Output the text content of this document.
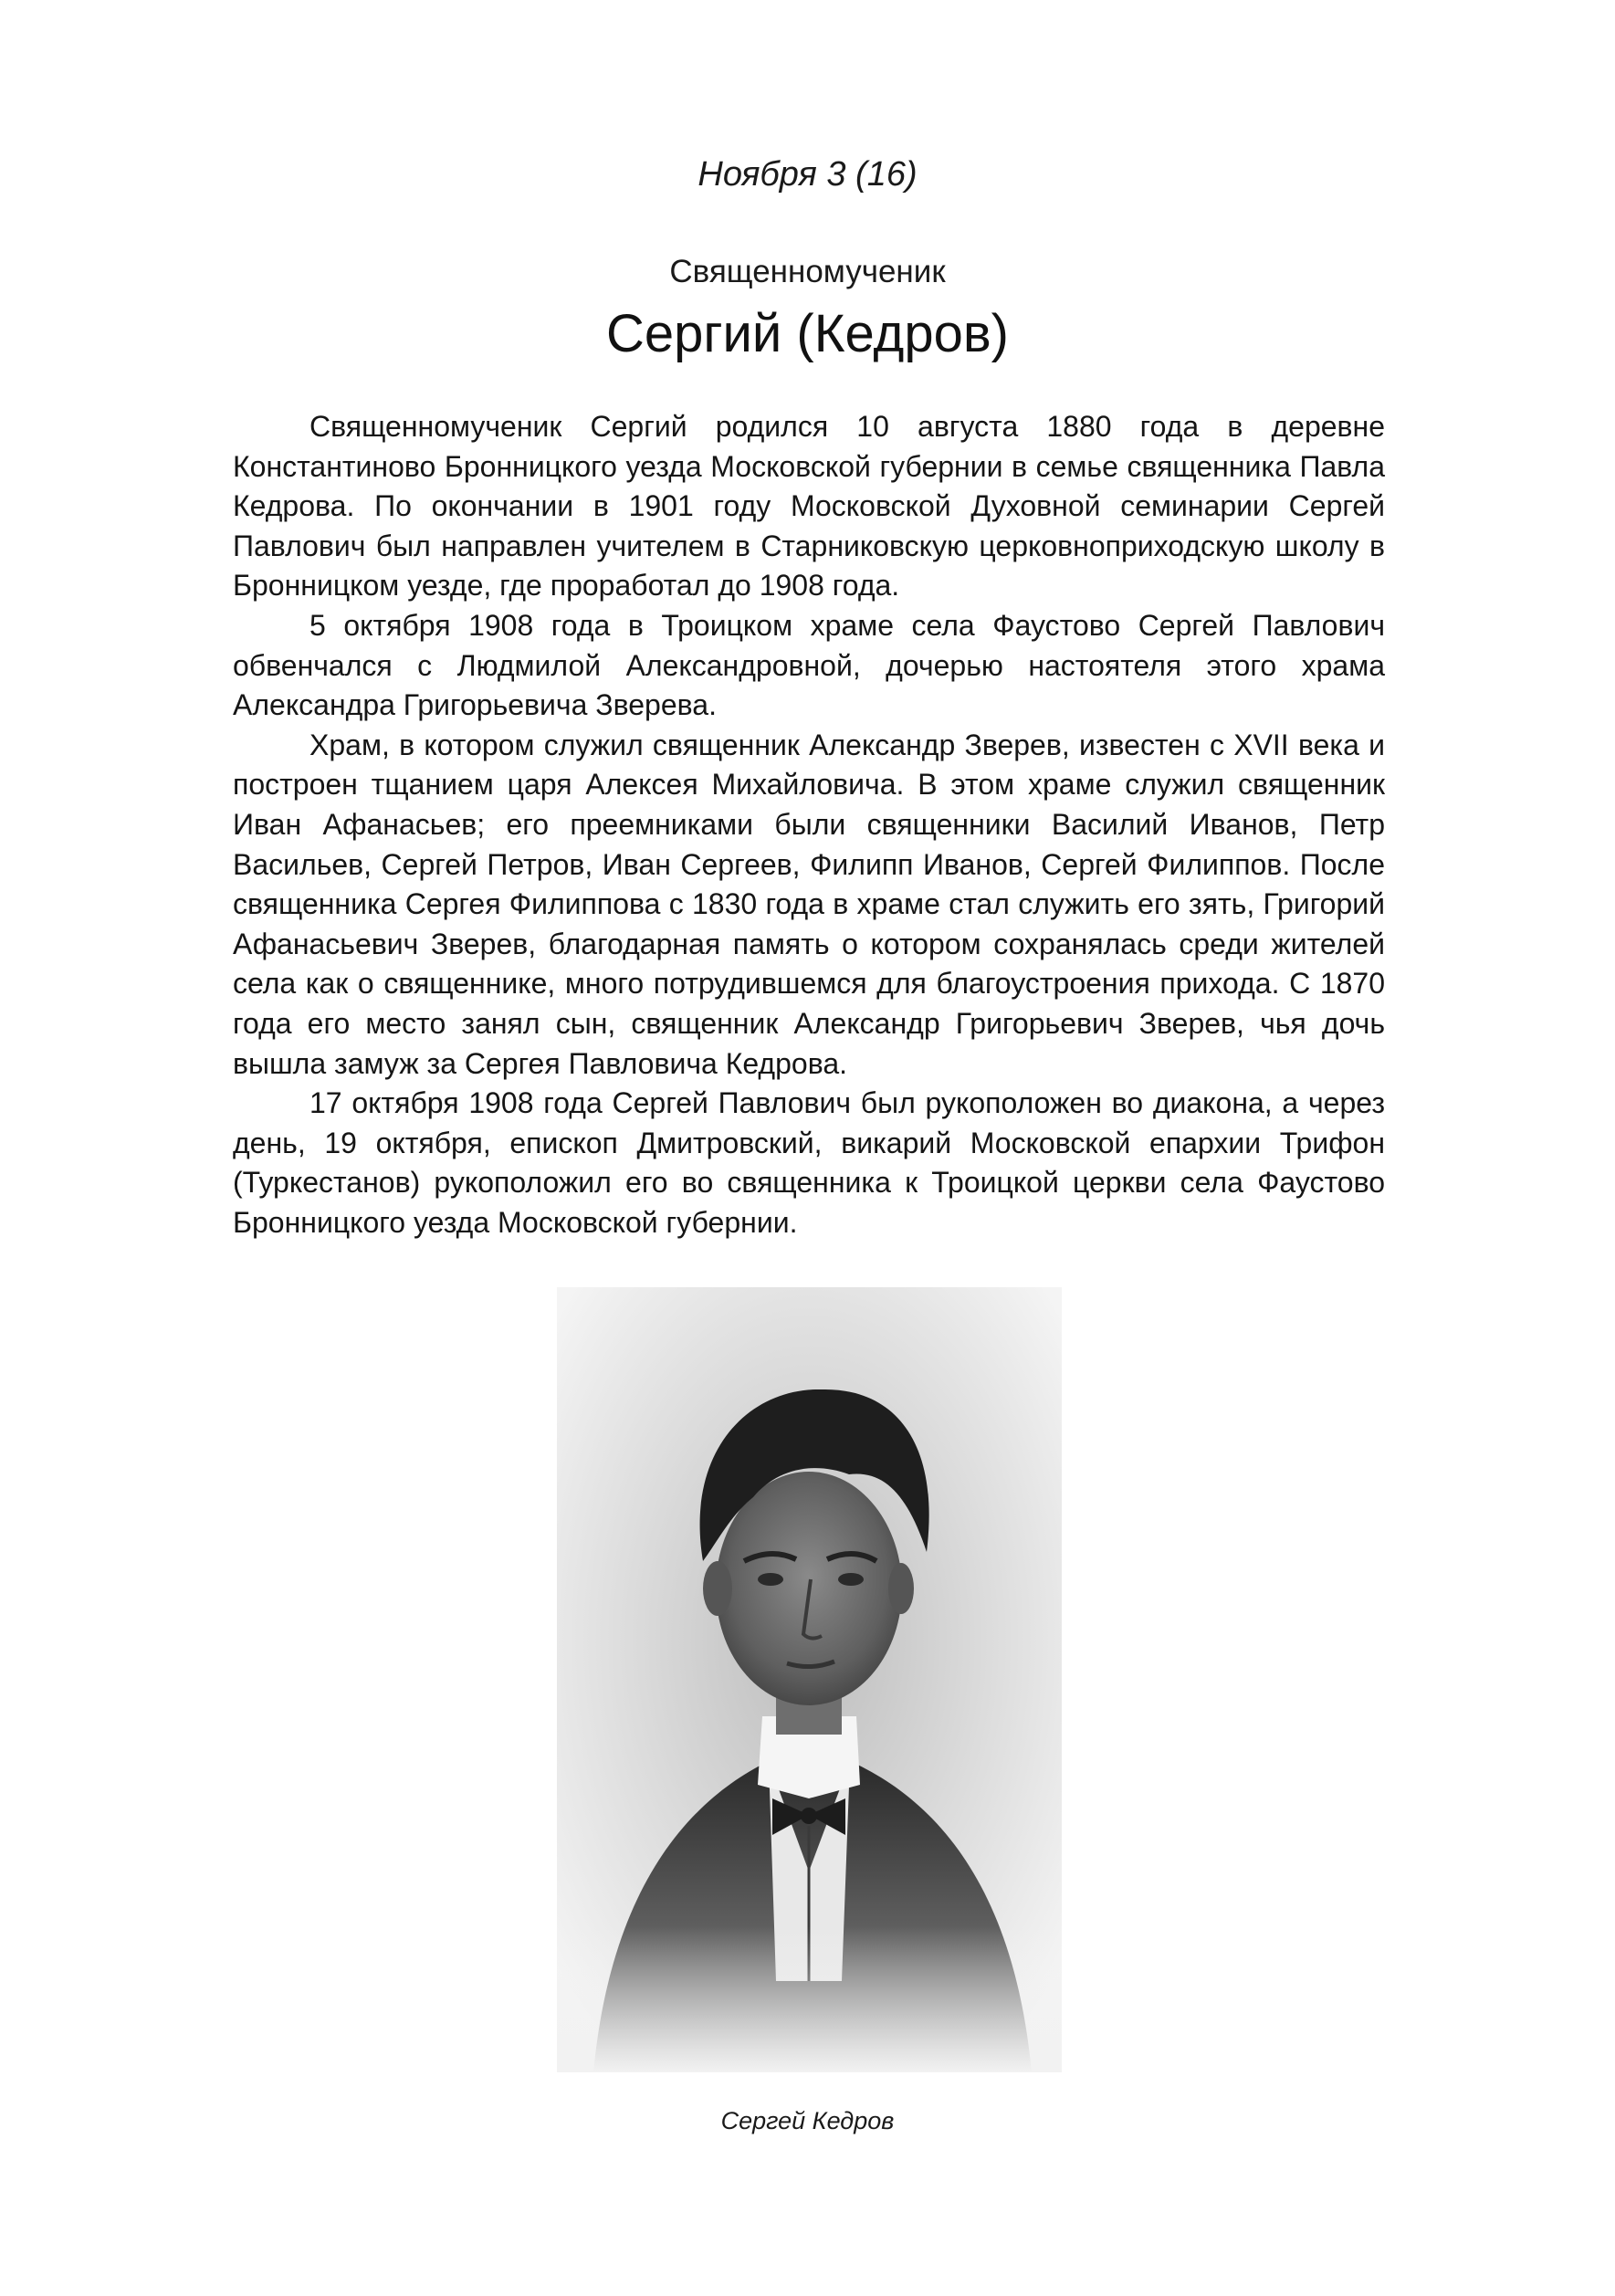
Ноября 3 (16)
Священномученик
Сергий (Кедров)

Священномученик Сергий родился 10 августа 1880 года в деревне Константиново Бронницкого уезда Московской губернии в семье священника Павла Кедрова. По окончании в 1901 году Московской Духовной семинарии Сергей Павлович был направлен учителем в Старниковскую церковноприходскую школу в Бронницком уезде, где проработал до 1908 года.

5 октября 1908 года в Троицком храме села Фаустово Сергей Павлович обвенчался с Людмилой Александровной, дочерью настоятеля этого храма Александра Григорьевича Зверева.

Храм, в котором служил священник Александр Зверев, известен с XVII века и построен тщанием царя Алексея Михайловича. В этом храме служил священник Иван Афанасьев; его преемниками были священники Василий Иванов, Петр Васильев, Сергей Петров, Иван Сергеев, Филипп Иванов, Сергей Филиппов. После священника Сергея Филиппова с 1830 года в храме стал служить его зять, Григорий Афанасьевич Зверев, благодарная память о котором сохранялась среди жителей села как о священнике, много потрудившемся для благоустроения прихода. С 1870 года его место занял сын, священник Александр Григорьевич Зверев, чья дочь вышла замуж за Сергея Павловича Кедрова.

17 октября 1908 года Сергей Павлович был рукоположен во диакона, а через день, 19 октября, епископ Дмитровский, викарий Московской епархии Трифон (Туркестанов) рукоположил его во священника к Троицкой церкви села Фаустово Бронницкого уезда Московской губернии.

Сергей Кедров
